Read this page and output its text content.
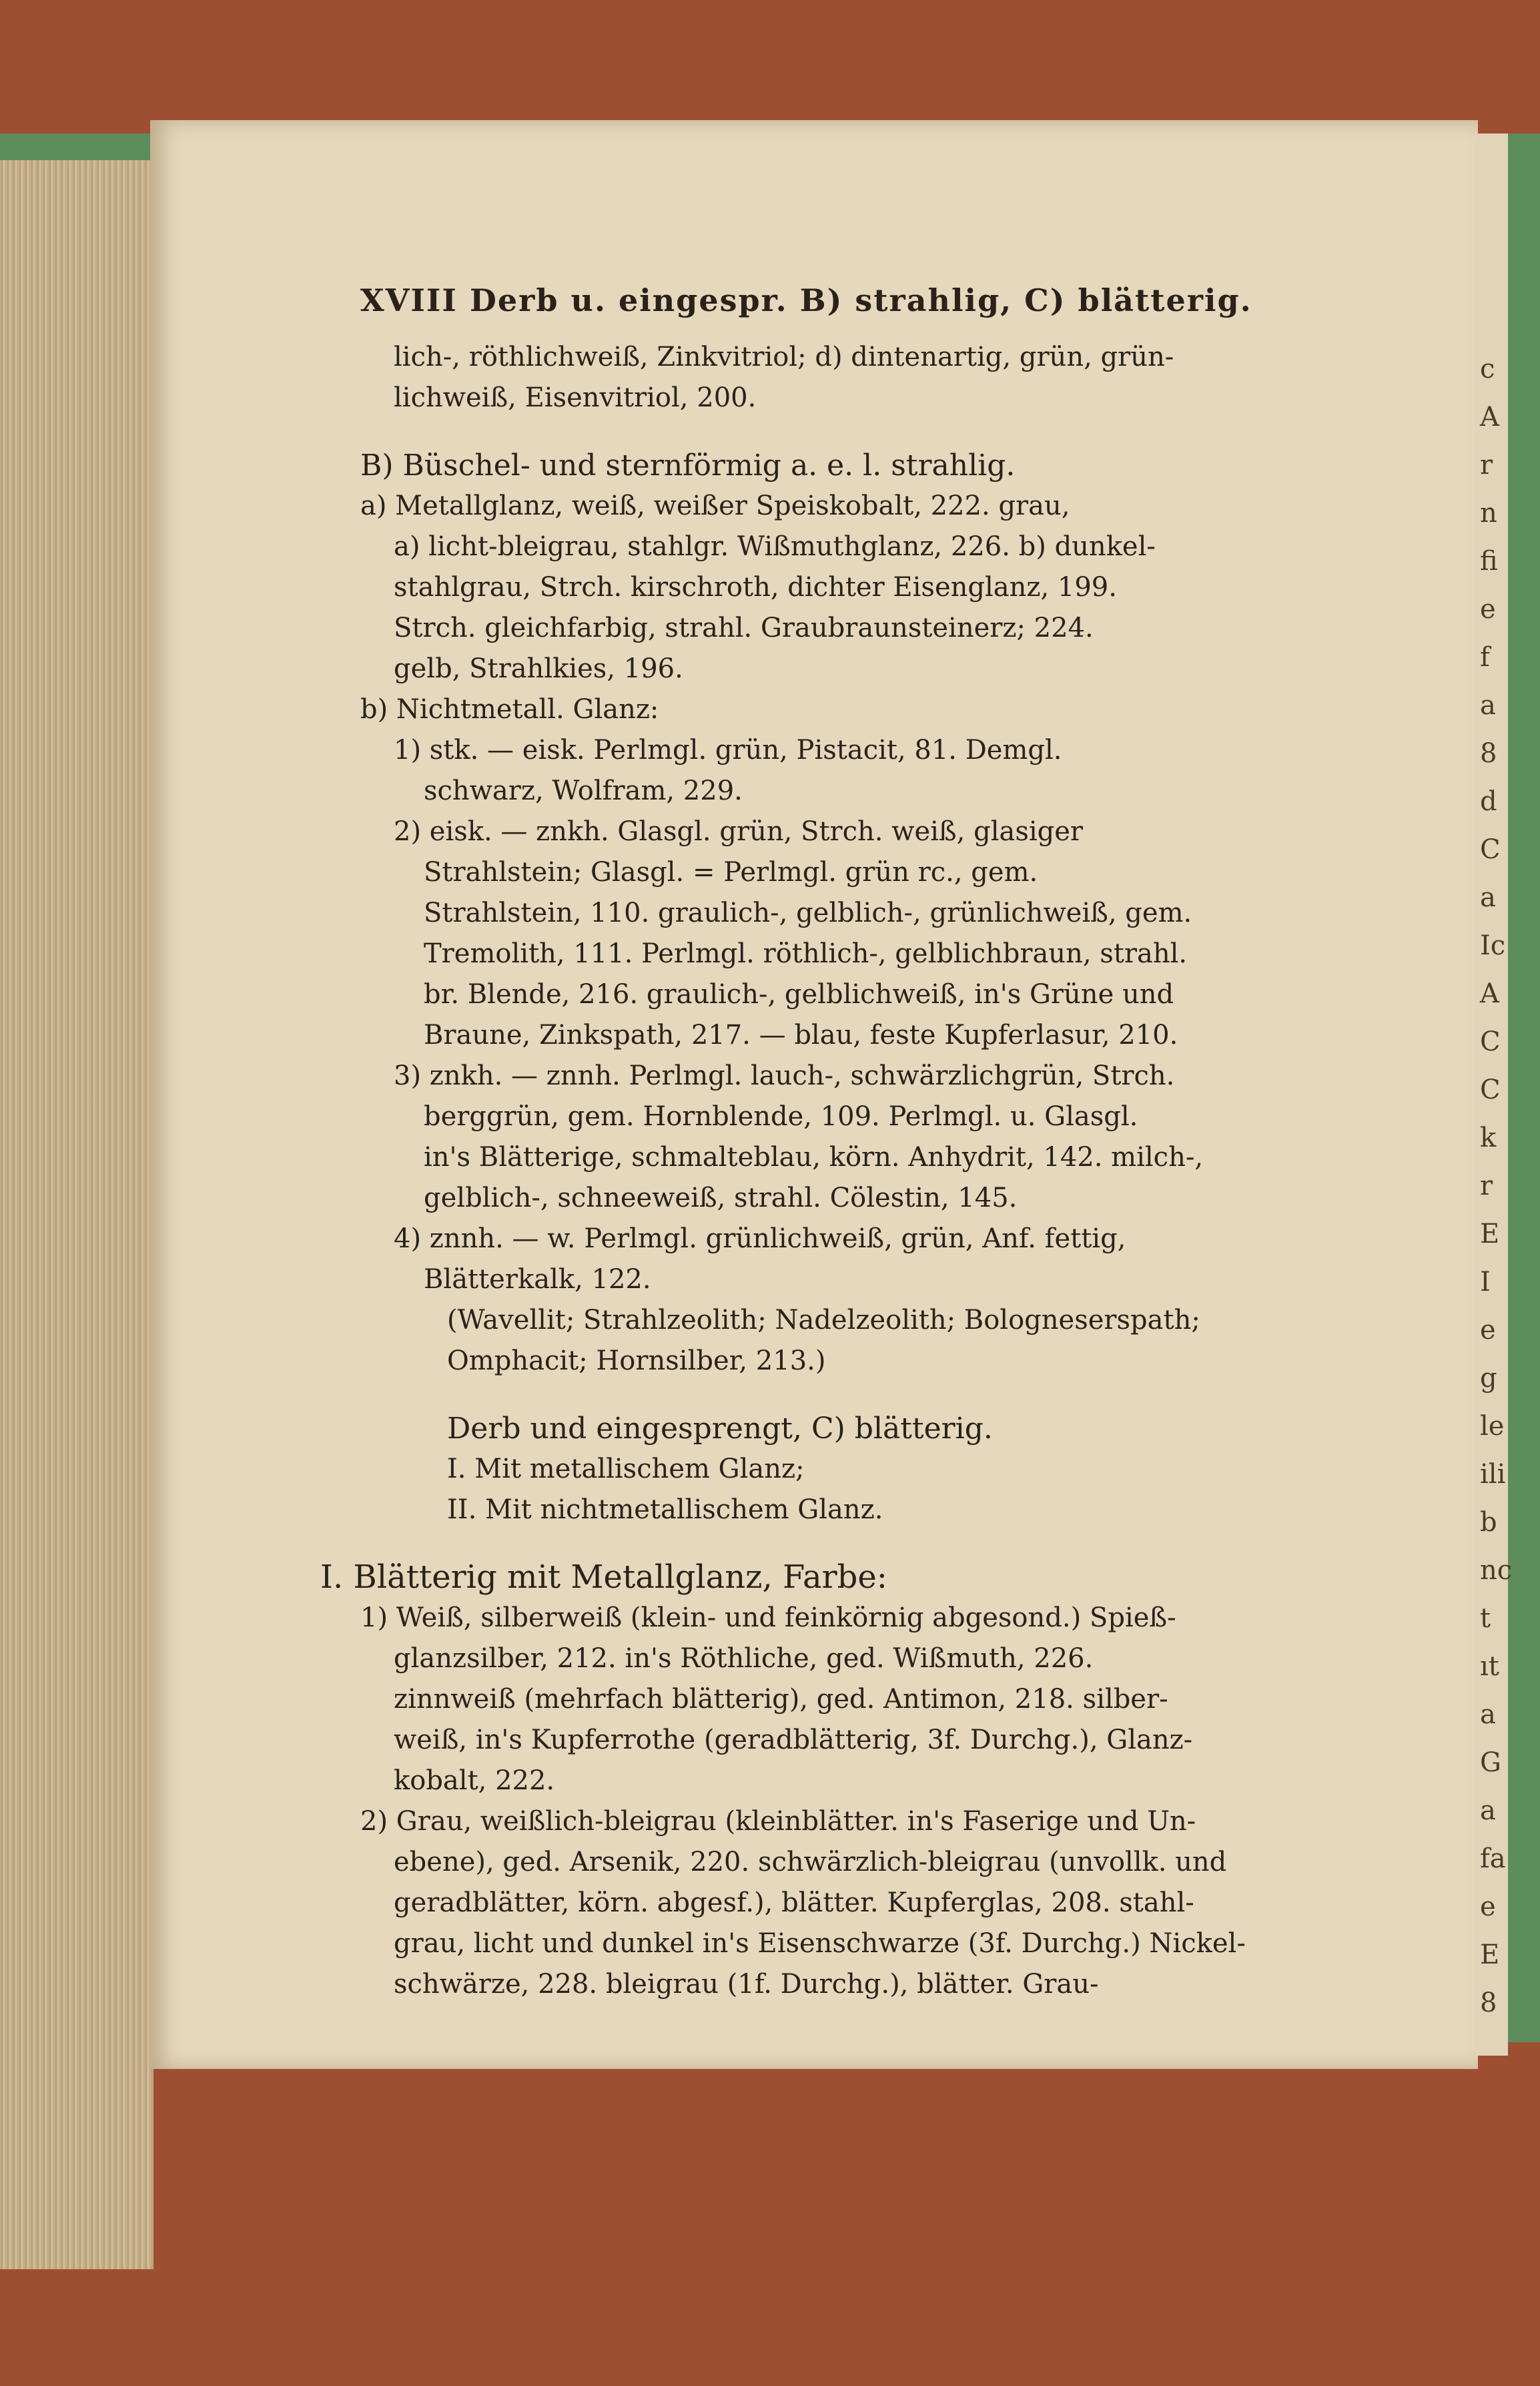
c
A
r
n
fi
e
f
a
8
d
C
a
Ic
A
C
C
k
r
E
I
e
g
le
ili
b
nc
t
ıt
a
G
a
fa
e
E
8
XVIII Derb u. eingespr. B) strahlig, C) blätterig.
lich-, röthlichweiß, Zinkvitriol; d) dintenartig, grün, grün-
lichweiß, Eisenvitriol, 200.
B) Büschel- und sternförmig a. e. l. strahlig.
a) Metallglanz, weiß, weißer Speiskobalt, 222. grau,
a) licht-bleigrau, stahlgr. Wißmuthglanz, 226. b) dunkel-
stahlgrau, Strch. kirschroth, dichter Eisenglanz, 199.
Strch. gleichfarbig, strahl. Graubraunsteinerz; 224.
gelb, Strahlkies, 196.
b) Nichtmetall. Glanz:
1) stk. — eisk. Perlmgl. grün, Pistacit, 81. Demgl.
schwarz, Wolfram, 229.
2) eisk. — znkh. Glasgl. grün, Strch. weiß, glasiger
Strahlstein; Glasgl. = Perlmgl. grün rc., gem.
Strahlstein, 110. graulich-, gelblich-, grünlichweiß, gem.
Tremolith, 111. Perlmgl. röthlich-, gelblichbraun, strahl.
br. Blende, 216. graulich-, gelblichweiß, in's Grüne und
Braune, Zinkspath, 217. — blau, feste Kupferlasur, 210.
3) znkh. — znnh. Perlmgl. lauch-, schwärzlichgrün, Strch.
berggrün, gem. Hornblende, 109. Perlmgl. u. Glasgl.
in's Blätterige, schmalteblau, körn. Anhydrit, 142. milch-,
gelblich-, schneeweiß, strahl. Cölestin, 145.
4) znnh. — w. Perlmgl. grünlichweiß, grün, Anf. fettig,
Blätterkalk, 122.
(Wavellit; Strahlzeolith; Nadelzeolith; Bologneserspath;
Omphacit; Hornsilber, 213.)
Derb und eingesprengt, C) blätterig.
I. Mit metallischem Glanz;
II. Mit nichtmetallischem Glanz.
I. Blätterig mit Metallglanz, Farbe:
1) Weiß, silberweiß (klein- und feinkörnig abgesond.) Spieß-
glanzsilber, 212. in's Röthliche, ged. Wißmuth, 226.
zinnweiß (mehrfach blätterig), ged. Antimon, 218. silber-
weiß, in's Kupferrothe (geradblätterig, 3f. Durchg.), Glanz-
kobalt, 222.
2) Grau, weißlich-bleigrau (kleinblätter. in's Faserige und Un-
ebene), ged. Arsenik, 220. schwärzlich-bleigrau (unvollk. und
geradblätter, körn. abgesf.), blätter. Kupferglas, 208. stahl-
grau, licht und dunkel in's Eisenschwarze (3f. Durchg.) Nickel-
schwärze, 228. bleigrau (1f. Durchg.), blätter. Grau-
